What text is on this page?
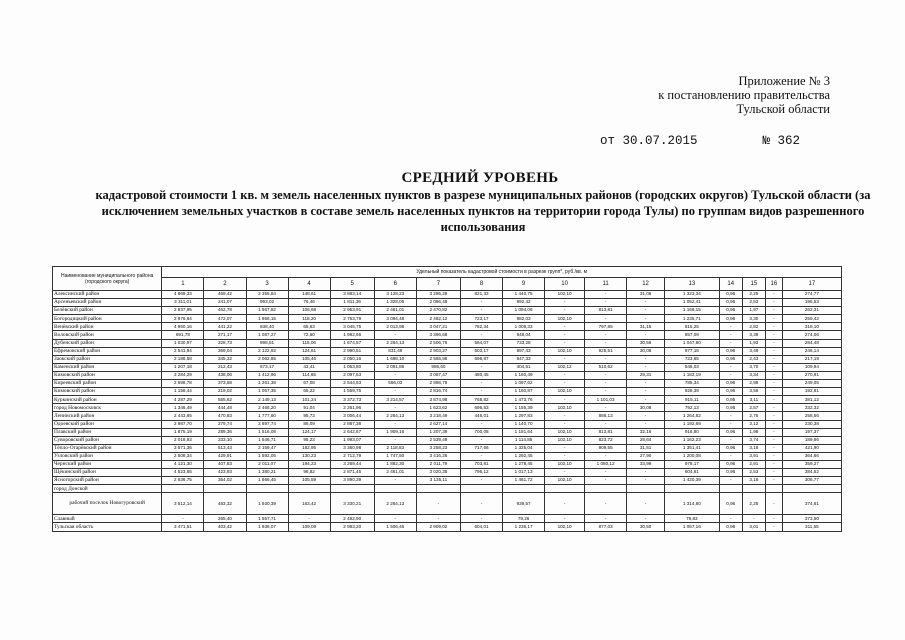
Приложение № 3
к постановлению правительства
Тульской области
от 30.07.2015	№ 362
СРЕДНИЙ УРОВЕНЬ
кадастровой стоимости 1 кв. м земель населенных пунктов в разрезе муниципальных районов (городских округов) Тульской области (за исключением земельных участков в составе земель населенных пунктов на территории города Тулы) по группам видов разрешенного использования
Наименование муниципального района (городского округа)	Удельный показатель кадастровой стоимости в разрезе групп*, руб./кв. м																
	1	2	3	4	5	6	7	8	9	10	11	12	13	14	15	16	17
Алексинский район	4 869,33	469,42	2 355,84	148,61	3 883,14	3 128,23	3 295,28	821,33	1 440,75	102,10	-	31,06	1 323,34	0,96	2,25	-	274,77
Арсеньевский район	3 311,01	241,07	993,02	76,46	1 811,36	1 328,05	2 086,48	-	892,42	-	-	-	1 052,41	0,96	2,53	-	196,53
Белёвский район	2 837,95	462,78	1 567,82	106,68	2 953,91	2 461,01	2 470,82	-	1 094,06	-	813,81	-	1 168,15	0,96	1,97	-	262,31
Богородицкий район	2 976,64	472,07	1 956,15	118,20	2 753,79	3 094,48	2 482,12	723,17	982,03	102,10	-	-	1 235,71	0,96	3,30	-	259,42
Венёвский район	4 950,16	441,22	938,40	65,63	3 045,75	2 013,98	3 047,21	782,34	1 009,33	-	797,85	31,15	815,25	-	2,82	-	318,10
Воловский район	691,78	271,17	1 087,27	72,60	1 992,66	-	3 396,68	-	948,04	-	-	-	857,09	-	3,39	-	274,06
Дубенский район	1 030,97	328,73	998,51	115,06	1 674,57	2 264,13	2 506,76	564,07	733,28	-	-	30,56	1 047,80	-	1,93	-	284,48
Ефремовский район	2 541,94	369,04	2 122,92	124,61	2 990,51	831,49	2 903,27	503,17	897,43	102,10	925,51	30,08	977,16	0,96	3,49	-	246,14
Заокский район	2 188,58	345,32	2 062,85	105,46	2 050,16	1 698,10	2 565,98	698,87	947,33	-	-	-	723,65	0,96	2,43	-	217,19
Каменский район	1 207,18	212,43	673,17	43,41	1 053,80	2 091,86	986,60	-	404,51	102,12	510,62	-	546,03	-	3,70	-	109,94
Кимовский район	3 284,29	438,06	1 412,96	114,65	2 097,53	-	3 087,47	480,45	1 160,49	-	-	29,31	1 182,19	-	3,34	-	270,91
Киреевский район	2 698,78	373,68	1 261,38	67,08	2 544,63	566,03	2 998,78	-	1 097,62	-	-	-	785,34	0,96	2,98	-	249,05
Кимовский район	1 158,44	219,02	1 057,35	65,22	1 559,75	-	2 816,74	-	1 160,87	102,10	-	-	928,39	0,96	3,56	-	192,61
Куркинский район	4 287,29	555,62	2 149,13	101,24	3 372,73	3 214,57	3 874,98	768,82	1 473,76	-	1 101,03	-	915,11	0,95	3,11	-	381,12
город Новомосковск	1 346,49	444,48	2 466,20	91,04	2 261,96	-	1 623,62	696,53	1 155,39	102,10	-	30,08	792,13	0,96	2,57	-	332,32
Ленинский район	2 443,65	470,83	1 777,60	95,73	3 006,44	2 264,13	3 218,49	446,01	1 297,83	-	886,13	-	1 264,82	-	2,75	-	258,56
Одоевский район	2 987,70	279,74	2 897,74	86,09	2 887,38	-	2 627,14	-	1 140,70	-	-	-	1 192,69	-	3,12	-	230,38
Плавский район	1 875,19	289,36	1 516,08	124,17	2 642,67	1 909,16	1 207,39	700,08	1 181,64	102,10	813,81	32,16	916,80	0,96	1,98	-	197,37
Суворовский район	2 018,93	233,10	1 546,71	95,23	1 993,07	-	2 539,49	-	1 114,85	102,10	823,72	28,64	1 162,23	-	3,74	-	189,66
Тёпло-Огарёвский район	3 571,36	513,43	2 159,47	182,95	3 360,98	2 118,83	3 258,23	717,66	1 325,04	-	909,55	31,51	1 351,41	0,96	3,18	-	421,90
Узловский район	2 508,34	429,91	1 592,05	130,23	2 712,79	1 747,50	3 416,26	-	1 292,45	-	-	27,90	1 200,08	-	3,91	-	364,66
Чернский район	4 121,30	407,83	2 011,07	194,23	3 269,44	1 882,30	2 011,79	703,81	1 278,45	102,10	1 080,12	33,99	978,17	0,96	2,91	-	359,27
Щёкинский район	4 523,65	423,93	1 380,21	98,82	2 871,45	2 461,01	3 020,35	796,12	1 017,13	-	-	-	604,61	0,96	2,53	-	384,52
Ясногорский район	2 636,75	354,02	1 666,45	105,59	3 890,39	-	3 135,11	-	1 461,72	102,10	-	-	1 420,39	-	3,18	-	306,77
город Донской																	
рабочий поселок Новогуровский	3 512,14	483,32	1 930,39	163,42	3 330,21	2 264,13	-	-	939,57	-	-	-	1 314,80	0,96	2,25	-	374,61
Славный	-	265,40	1 557,71	-	2 492,90	-	-	-	79,26	-	-	-	79,83	-	-	-	373,50
Тульская область	3 471,51	403,42	1 936,07	109,09	2 983,20	1 506,46	2 909,02	604,01	1 236,17	102,10	877,03	30,50	1 057,16	0,96	3,01	-	311,55
